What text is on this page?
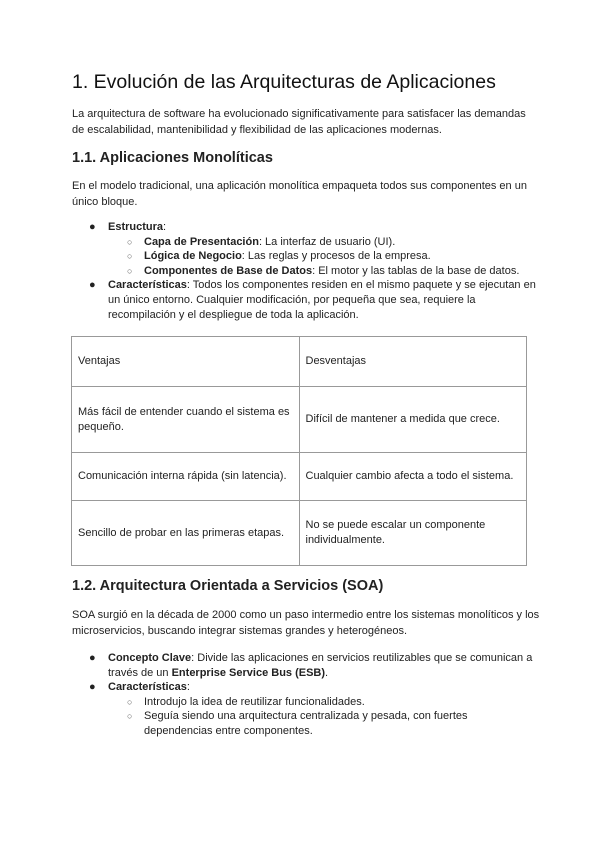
1. Evolución de las Arquitecturas de Aplicaciones

La arquitectura de software ha evolucionado significativamente para satisfacer las demandas de escalabilidad, mantenibilidad y flexibilidad de las aplicaciones modernas.

1.1. Aplicaciones Monolíticas

En el modelo tradicional, una aplicación monolítica empaqueta todos sus componentes en un único bloque.

● Estructura:
○ Capa de Presentación: La interfaz de usuario (UI).
○ Lógica de Negocio: Las reglas y procesos de la empresa.
○ Componentes de Base de Datos: El motor y las tablas de la base de datos.
● Características: Todos los componentes residen en el mismo paquete y se ejecutan en un único entorno. Cualquier modificación, por pequeña que sea, requiere la recompilación y el despliegue de toda la aplicación.
Ventajas	Desventajas
Más fácil de entender cuando el sistema es pequeño.	Difícil de mantener a medida que crece.
Comunicación interna rápida (sin latencia).	Cualquier cambio afecta a todo el sistema.
Sencillo de probar en las primeras etapas.	No se puede escalar un componente individualmente.
1.2. Arquitectura Orientada a Servicios (SOA)

SOA surgió en la década de 2000 como un paso intermedio entre los sistemas monolíticos y los microservicios, buscando integrar sistemas grandes y heterogéneos.

● Concepto Clave: Divide las aplicaciones en servicios reutilizables que se comunican a través de un Enterprise Service Bus (ESB).
● Características:
○ Introdujo la idea de reutilizar funcionalidades.
○ Seguía siendo una arquitectura centralizada y pesada, con fuertes dependencias entre componentes.
